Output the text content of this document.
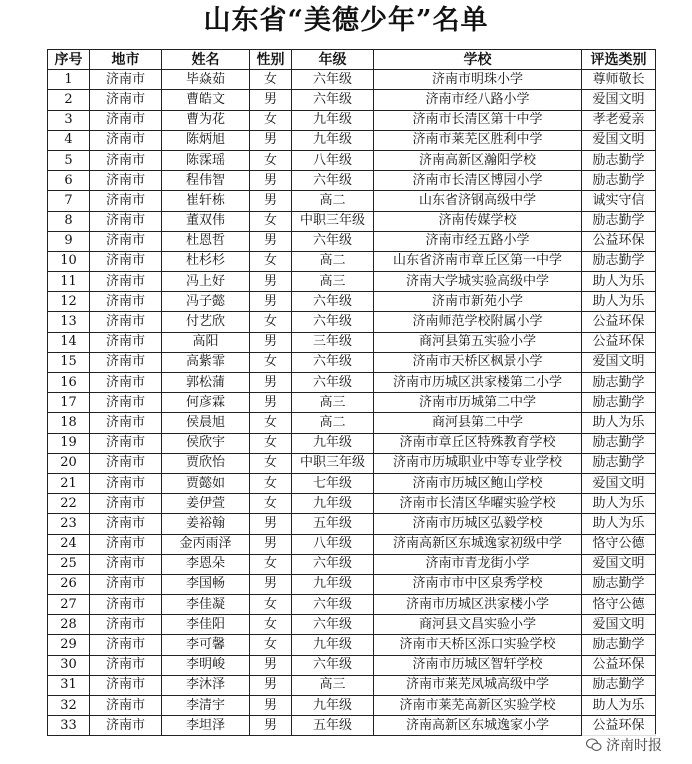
山东省“美德少年”名单
序号	地市	姓名	性别	年级	学校	评选类别
1	济南市	毕焱茹	女	六年级	济南市明珠小学	尊师敬长
2	济南市	曹皓文	男	六年级	济南市经八路小学	爱国文明
3	济南市	曹为花	女	九年级	济南市长清区第十中学	孝老爱亲
4	济南市	陈炳旭	男	九年级	济南市莱芜区胜利中学	爱国文明
5	济南市	陈霂瑶	女	八年级	济南高新区瀚阳学校	励志勤学
6	济南市	程伟智	男	六年级	济南市长清区博园小学	励志勤学
7	济南市	崔轩栋	男	高二	山东省济钢高级中学	诚实守信
8	济南市	董双伟	女	中职三年级	济南传媒学校	励志勤学
9	济南市	杜恩哲	男	六年级	济南市经五路小学	公益环保
10	济南市	杜杉杉	女	高二	山东省济南市章丘区第一中学	励志勤学
11	济南市	冯上好	男	高三	济南大学城实验高级中学	助人为乐
12	济南市	冯子懿	男	六年级	济南市新苑小学	助人为乐
13	济南市	付艺欣	女	六年级	济南师范学校附属小学	公益环保
14	济南市	高阳	男	三年级	商河县第五实验小学	公益环保
15	济南市	高紫霏	女	六年级	济南市天桥区枫景小学	爱国文明
16	济南市	郭松蒲	男	六年级	济南市历城区洪家楼第二小学	励志勤学
17	济南市	何彦霖	男	高三	济南市历城第二中学	励志勤学
18	济南市	侯晨旭	女	高二	商河县第二中学	助人为乐
19	济南市	侯欣宇	女	九年级	济南市章丘区特殊教育学校	励志勤学
20	济南市	贾欣怡	女	中职三年级	济南市历城职业中等专业学校	励志勤学
21	济南市	贾懿如	女	七年级	济南市历城区鲍山学校	爱国文明
22	济南市	姜伊萱	女	九年级	济南市长清区华曜实验学校	助人为乐
23	济南市	姜裕翰	男	五年级	济南市历城区弘毅学校	助人为乐
24	济南市	金丙雨泽	男	八年级	济南高新区东城逸家初级中学	恪守公德
25	济南市	李恩朵	女	六年级	济南市青龙街小学	爱国文明
26	济南市	李国畅	男	九年级	济南市市中区泉秀学校	励志勤学
27	济南市	李佳凝	女	六年级	济南市历城区洪家楼小学	恪守公德
28	济南市	李佳阳	女	六年级	商河县文昌实验小学	爱国文明
29	济南市	李可馨	女	九年级	济南市天桥区泺口实验学校	励志勤学
30	济南市	李明峻	男	六年级	济南市历城区智轩学校	公益环保
31	济南市	李沐泽	男	高三	济南市莱芜凤城高级中学	励志勤学
32	济南市	李清宇	男	九年级	济南市莱芜高新区实验学校	助人为乐
33	济南市	李坦泽	男	五年级	济南高新区东城逸家小学	公益环保
济南时报
